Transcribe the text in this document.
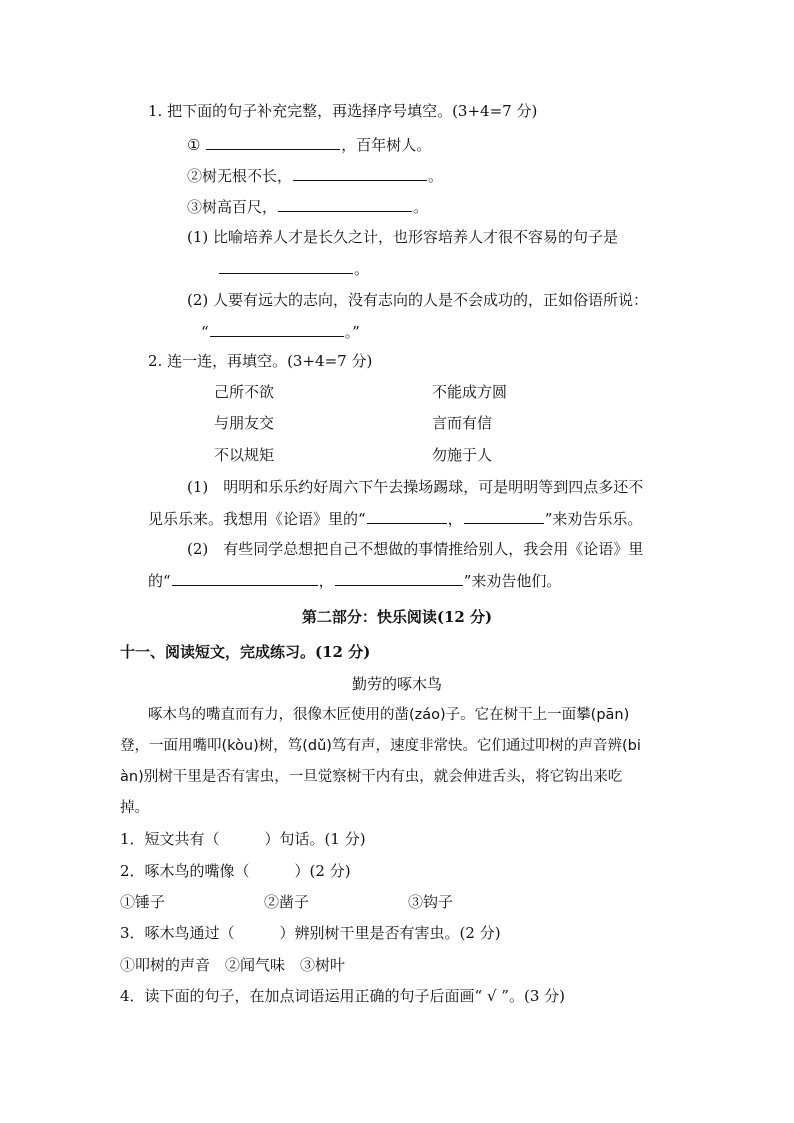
1. 把下面的句子补充完整，再选择序号填空。(3+4=7 分)
①	，百年树人。
②树无根不长，	。
③树高百尺，	。
(1) 比喻培养人才是长久之计，也形容培养人才很不容易的句子是
。
(2) 人要有远大的志向，没有志向的人是不会成功的，正如俗语所说：
“	。”
2. 连一连，再填空。(3+4=7 分)
己所不欲	不能成方圆
与朋友交	言而有信
不以规矩	勿施于人
(1)　明明和乐乐约好周六下午去操场踢球，可是明明等到四点多还不
见乐乐来。我想用《论语》里的“	，	”来劝告乐乐。
(2)　有些同学总想把自己不想做的事情推给别人，我会用《论语》里
的“	，	”来劝告他们。
第二部分：快乐阅读(12 分)
十一、阅读短文，完成练习。(12 分)
勤劳的啄木鸟
啄木鸟的嘴直而有力，很像木匠使用的凿(záo)子。它在树干上一面攀(pān)
登，一面用嘴叩(kòu)树，笃(dǔ)笃有声，速度非常快。它们通过叩树的声音辨(bi
àn)别树干里是否有害虫，一旦觉察树干内有虫，就会伸进舌头，将它钩出来吃
掉。
1．短文共有（　　　）句话。(1 分)
2．啄木鸟的嘴像（　　　）(2 分)
①锤子	②凿子	③钩子
3．啄木鸟通过（　　　）辨别树干里是否有害虫。(2 分)
①叩树的声音　②闻气味　③树叶
4．读下面的句子，在加点词语运用正确的句子后面画“ √ ”。(3 分)
